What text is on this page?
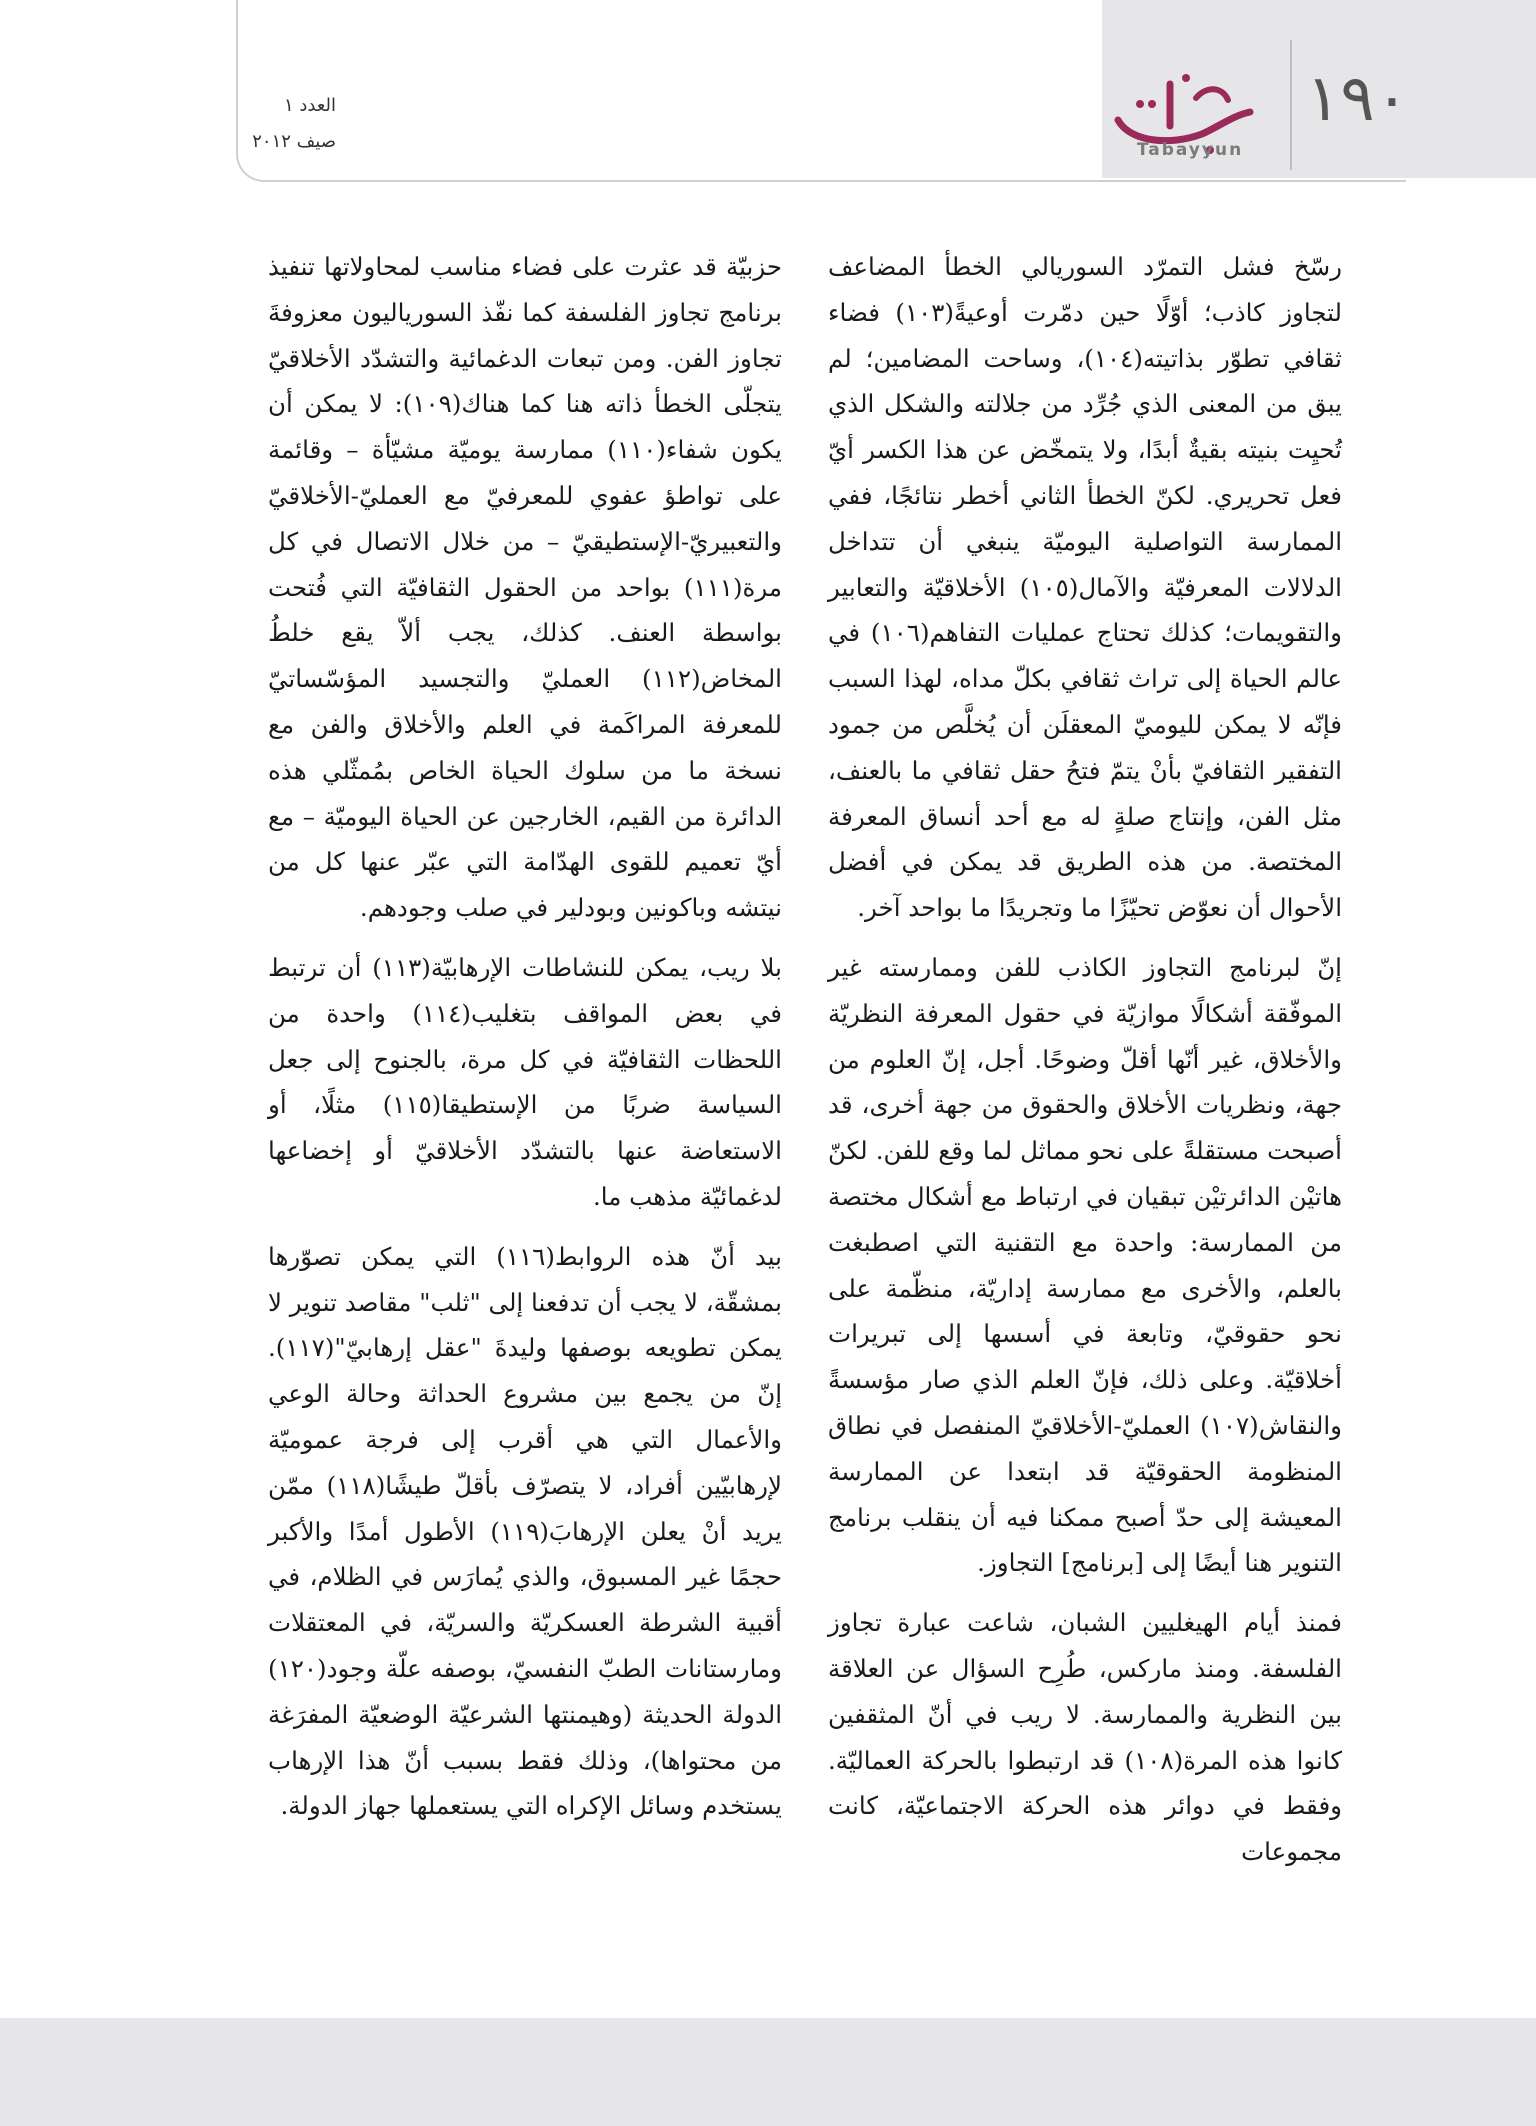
١٩٠
Tabayyun
العدد ١
صيف ٢٠١٢

رسّخ فشل التمرّد السوريالي الخطأ المضاعف لتجاوز كاذب؛ أوّلًا حين دمّرت أوعيةً(١٠٣) فضاء ثقافي تطوّر بذاتيته(١٠٤)، وساحت المضامين؛ لم يبق من المعنى الذي جُرِّد من جلالته والشكل الذي تُحيِت بنيته بقيةٌ أبدًا، ولا يتمخّض عن هذا الكسر أيّ فعل تحريري. لكنّ الخطأ الثاني أخطر نتائجًا، ففي الممارسة التواصلية اليوميّة ينبغي أن تتداخل الدلالات المعرفيّة والآمال(١٠٥) الأخلاقيّة والتعابير والتقويمات؛ كذلك تحتاج عمليات التفاهم(١٠٦) في عالم الحياة إلى تراث ثقافي بكلّ مداه، لهذا السبب فإنّه لا يمكن لليوميّ المعقلَن أن يُخلَّص من جمود التفقير الثقافيّ بأنْ يتمّ فتحُ حقل ثقافي ما بالعنف، مثل الفن، وإنتاج صلةٍ له مع أحد أنساق المعرفة المختصة. من هذه الطريق قد يمكن في أفضل الأحوال أن نعوّض تحيّزًا ما وتجريدًا ما بواحد آخر.

إنّ لبرنامج التجاوز الكاذب للفن وممارسته غير الموفّقة أشكالًا موازيّة في حقول المعرفة النظريّة والأخلاق، غير أنّها أقلّ وضوحًا. أجل، إنّ العلوم من جهة، ونظريات الأخلاق والحقوق من جهة أخرى، قد أصبحت مستقلةً على نحو مماثل لما وقع للفن. لكنّ هاتيْن الدائرتيْن تبقيان في ارتباط مع أشكال مختصة من الممارسة: واحدة مع التقنية التي اصطبغت بالعلم، والأخرى مع ممارسة إداريّة، منظّمة على نحو حقوقيّ، وتابعة في أسسها إلى تبريرات أخلاقيّة. وعلى ذلك، فإنّ العلم الذي صار مؤسسةً والنقاش(١٠٧) العمليّ-الأخلاقيّ المنفصل في نطاق المنظومة الحقوقيّة قد ابتعدا عن الممارسة المعيشة إلى حدّ أصبح ممكنا فيه أن ينقلب برنامج التنوير هنا أيضًا إلى [برنامج] التجاوز.

فمنذ أيام الهيغليين الشبان، شاعت عبارة تجاوز الفلسفة. ومنذ ماركس، طُرِح السؤال عن العلاقة بين النظرية والممارسة. لا ريب في أنّ المثقفين كانوا هذه المرة(١٠٨) قد ارتبطوا بالحركة العماليّة. وفقط في دوائر هذه الحركة الاجتماعيّة، كانت مجموعات

حزبيّة قد عثرت على فضاء مناسب لمحاولاتها تنفيذ برنامج تجاوز الفلسفة كما نفّذ السورياليون معزوفةَ تجاوز الفن. ومن تبعات الدغمائية والتشدّد الأخلاقيّ يتجلّى الخطأ ذاته هنا كما هناك(١٠٩): لا يمكن أن يكون شفاء(١١٠) ممارسة يوميّة مشيّأة – وقائمة على تواطؤ عفوي للمعرفيّ مع العمليّ-الأخلاقيّ والتعبيريّ-الإستطيقيّ – من خلال الاتصال في كل مرة(١١١) بواحد من الحقول الثقافيّة التي فُتحت بواسطة العنف. كذلك، يجب ألاّ يقع خلطُ المخاض(١١٢) العمليّ والتجسيد المؤسّساتيّ للمعرفة المراكَمة في العلم والأخلاق والفن مع نسخة ما من سلوك الحياة الخاص بمُمثّلي هذه الدائرة من القيم، الخارجين عن الحياة اليوميّة – مع أيّ تعميم للقوى الهدّامة التي عبّر عنها كل من نيتشه وباكونين وبودلير في صلب وجودهم.

بلا ريب، يمكن للنشاطات الإرهابيّة(١١٣) أن ترتبط في بعض المواقف بتغليب(١١٤) واحدة من اللحظات الثقافيّة في كل مرة، بالجنوح إلى جعل السياسة ضربًا من الإستطيقا(١١٥) مثلًا، أو الاستعاضة عنها بالتشدّد الأخلاقيّ أو إخضاعها لدغمائيّة مذهب ما.

بيد أنّ هذه الروابط(١١٦) التي يمكن تصوّرها بمشقّة، لا يجب أن تدفعنا إلى "ثلب" مقاصد تنوير لا يمكن تطويعه بوصفها وليدةَ "عقل إرهابيّ"(١١٧). إنّ من يجمع بين مشروع الحداثة وحالة الوعي والأعمال التي هي أقرب إلى فرجة عموميّة لإرهابيّين أفراد، لا يتصرّف بأقلّ طيشًا(١١٨) ممّن يريد أنْ يعلن الإرهابَ(١١٩) الأطول أمدًا والأكبر حجمًا غير المسبوق، والذي يُمارَس في الظلام، في أقبية الشرطة العسكريّة والسريّة، في المعتقلات ومارستانات الطبّ النفسيّ، بوصفه علّة وجود(١٢٠) الدولة الحديثة (وهيمنتها الشرعيّة الوضعيّة المفرَغة من محتواها)، وذلك فقط بسبب أنّ هذا الإرهاب يستخدم وسائل الإكراه التي يستعملها جهاز الدولة.
